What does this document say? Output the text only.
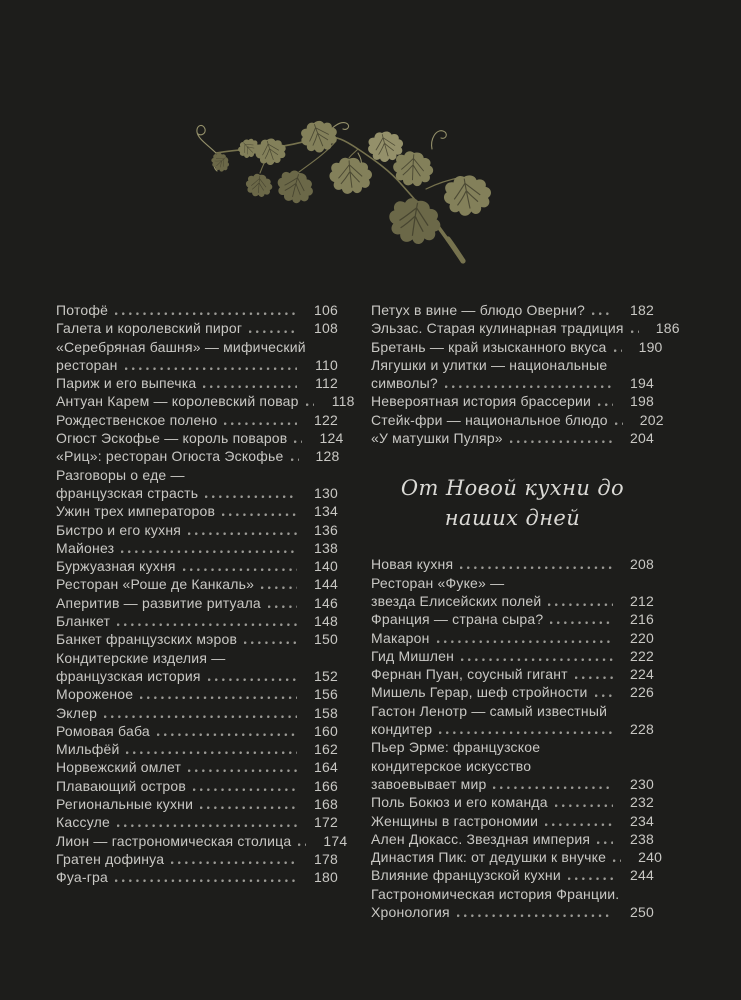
Потофё	106
Галета и королевский пирог	108
«Серебряная башня» — мифический
ресторан	110
Париж и его выпечка	112
Антуан Карем — королевский повар	118
Рождественское полено	122
Огюст Эскофье — король поваров	124
«Риц»: ресторан Огюста Эскофье	128
Разговоры о еде —
французская страсть	130
Ужин трех императоров	134
Бистро и его кухня	136
Майонез	138
Буржуазная кухня	140
Ресторан «Роше де Канкаль»	144
Аперитив — развитие ритуала	146
Бланкет	148
Банкет французских мэров	150
Кондитерские изделия —
французская история	152
Мороженое	156
Эклер	158
Ромовая баба	160
Мильфёй	162
Норвежский омлет	164
Плавающий остров	166
Региональные кухни	168
Кассуле	172
Лион — гастрономическая столица	174
Гратен дофинуа	178
Фуа-гра	180
Петух в вине — блюдо Оверни?	182
Эльзас. Старая кулинарная традиция	186
Бретань — край изысканного вкуса	190
Лягушки и улитки — национальные
символы?	194
Невероятная история брассерии	198
Стейк-фри — национальное блюдо	202
«У матушки Пуляр»	204
От Новой кухни до наших дней
Новая кухня	208
Ресторан «Фуке» —
звезда Елисейских полей	212
Франция — страна сыра?	216
Макарон	220
Гид Мишлен	222
Фернан Пуан, соусный гигант	224
Мишель Герар, шеф стройности	226
Гастон Ленотр — самый известный
кондитер	228
Пьер Эрме: французское
кондитерское искусство
завоевывает мир	230
Поль Бокюз и его команда	232
Женщины в гастрономии	234
Ален Дюкасс. Звездная империя	238
Династия Пик: от дедушки к внучке	240
Влияние французской кухни	244
Гастрономическая история Франции.
Хронология	250
